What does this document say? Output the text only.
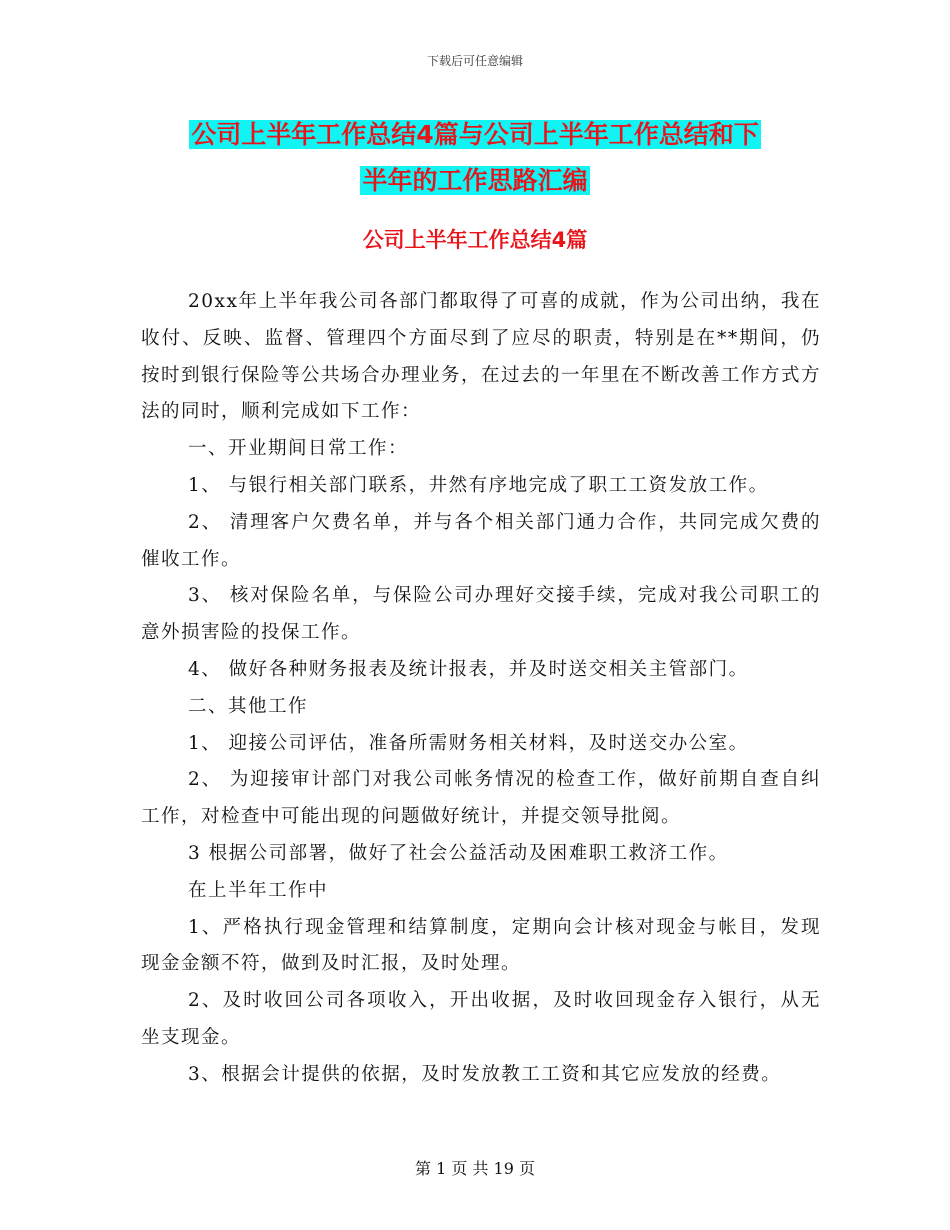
下载后可任意编辑
公司上半年工作总结4篇与公司上半年工作总结和下
半年的工作思路汇编
公司上半年工作总结4篇

20xx年上半年我公司各部门都取得了可喜的成就，作为公司出纳，我在收付、反映、监督、管理四个方面尽到了应尽的职责，特别是在**期间，仍按时到银行保险等公共场合办理业务，在过去的一年里在不断改善工作方式方法的同时，顺利完成如下工作：

一、开业期间日常工作：

1、 与银行相关部门联系，井然有序地完成了职工工资发放工作。

2、 清理客户欠费名单，并与各个相关部门通力合作，共同完成欠费的催收工作。

3、 核对保险名单，与保险公司办理好交接手续，完成对我公司职工的意外损害险的投保工作。

4、 做好各种财务报表及统计报表，并及时送交相关主管部门。

二、其他工作

1、 迎接公司评估，准备所需财务相关材料，及时送交办公室。

2、 为迎接审计部门对我公司帐务情况的检查工作，做好前期自查自纠工作，对检查中可能出现的问题做好统计，并提交领导批阅。

3 根据公司部署，做好了社会公益活动及困难职工救济工作。

在上半年工作中

1、严格执行现金管理和结算制度，定期向会计核对现金与帐目，发现现金金额不符，做到及时汇报，及时处理。

2、及时收回公司各项收入，开出收据，及时收回现金存入银行，从无坐支现金。

3、根据会计提供的依据，及时发放教工工资和其它应发放的经费。

第 1 页 共 19 页
